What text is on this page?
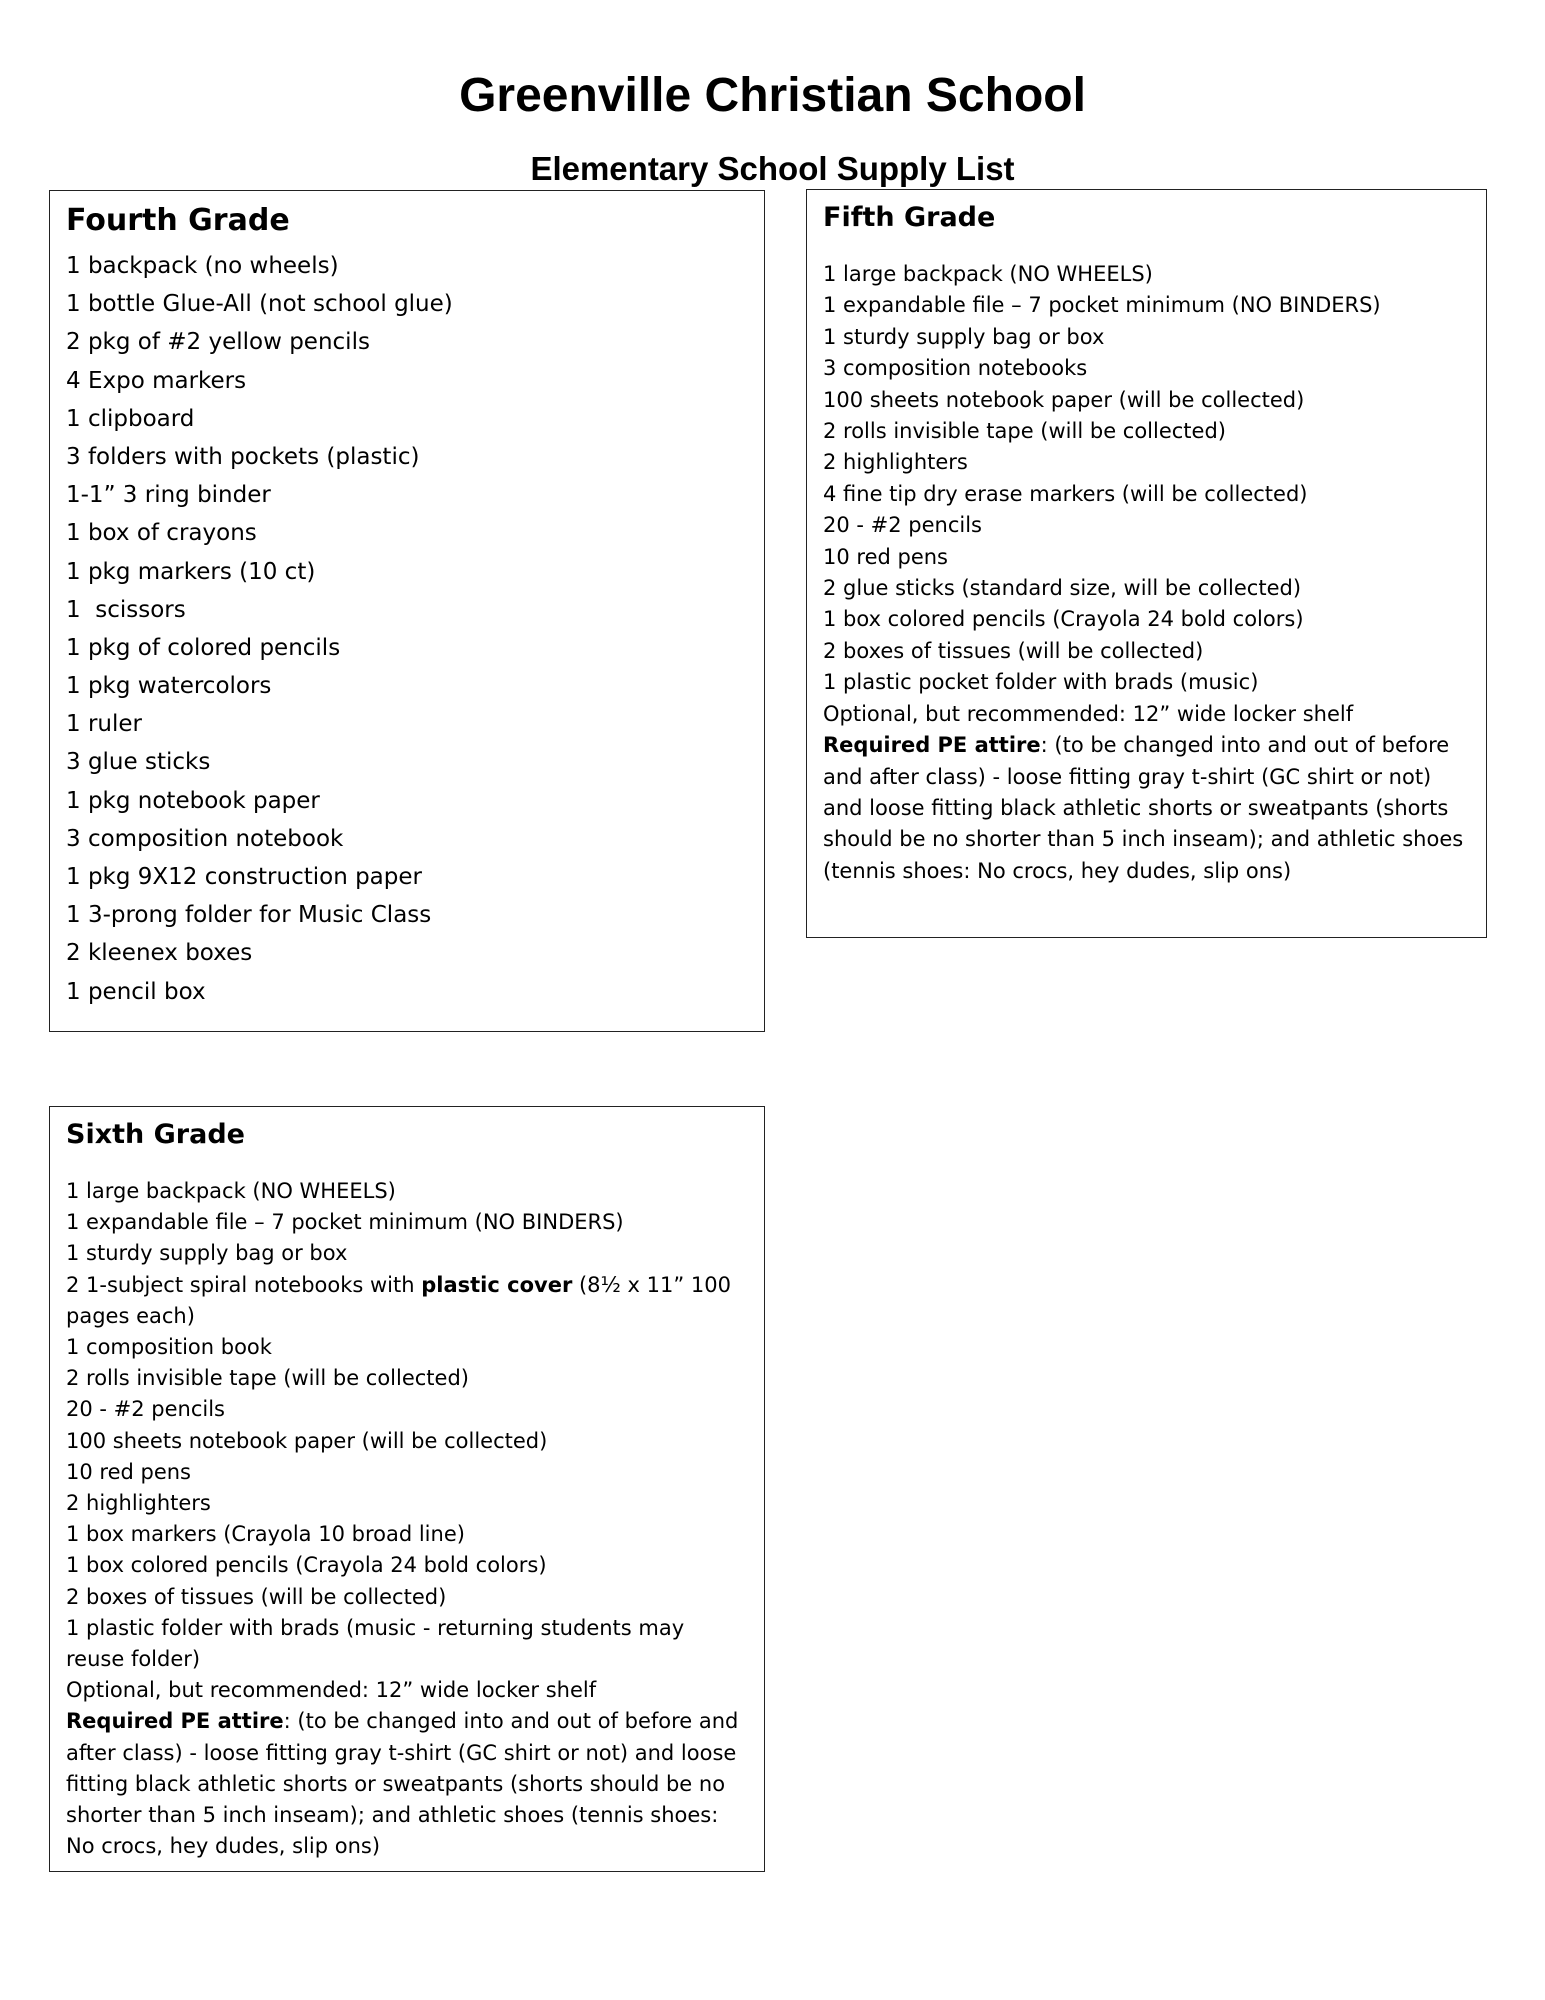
Greenville Christian School
Elementary School Supply List
Fourth Grade
1 backpack (no wheels)
1 bottle Glue-All (not school glue)
2 pkg of #2 yellow pencils
4 Expo markers
1 clipboard
3 folders with pockets (plastic)
1-1” 3 ring binder
1 box of crayons
1 pkg markers (10 ct)
1  scissors
1 pkg of colored pencils
1 pkg watercolors
1 ruler
3 glue sticks
1 pkg notebook paper
3 composition notebook
1 pkg 9X12 construction paper
1 3-prong folder for Music Class
2 kleenex boxes
1 pencil box
Fifth Grade
1 large backpack (NO WHEELS)
1 expandable file – 7 pocket minimum (NO BINDERS)
1 sturdy supply bag or box
3 composition notebooks
100 sheets notebook paper (will be collected)
2 rolls invisible tape (will be collected)
2 highlighters
4 fine tip dry erase markers (will be collected)
20 - #2 pencils
10 red pens
2 glue sticks (standard size, will be collected)
1 box colored pencils (Crayola 24 bold colors)
2 boxes of tissues (will be collected)
1 plastic pocket folder with brads (music)
Optional, but recommended: 12” wide locker shelf
Required PE attire: (to be changed into and out of before and after class) - loose fitting gray t-shirt (GC shirt or not) and loose fitting black athletic shorts or sweatpants (shorts should be no shorter than 5 inch inseam); and athletic shoes (tennis shoes: No crocs, hey dudes, slip ons)
Sixth Grade
1 large backpack (NO WHEELS)
1 expandable file – 7 pocket minimum (NO BINDERS)
1 sturdy supply bag or box
2 1-subject spiral notebooks with plastic cover (8½ x 11” 100 pages each)
1 composition book
2 rolls invisible tape (will be collected)
20 - #2 pencils
100 sheets notebook paper (will be collected)
10 red pens
2 highlighters
1 box markers (Crayola 10 broad line)
1 box colored pencils (Crayola 24 bold colors)
2 boxes of tissues (will be collected)
1 plastic folder with brads (music - returning students may reuse folder)
Optional, but recommended: 12” wide locker shelf
Required PE attire: (to be changed into and out of before and after class) - loose fitting gray t-shirt (GC shirt or not) and loose fitting black athletic shorts or sweatpants (shorts should be no shorter than 5 inch inseam); and athletic shoes (tennis shoes: No crocs, hey dudes, slip ons)
